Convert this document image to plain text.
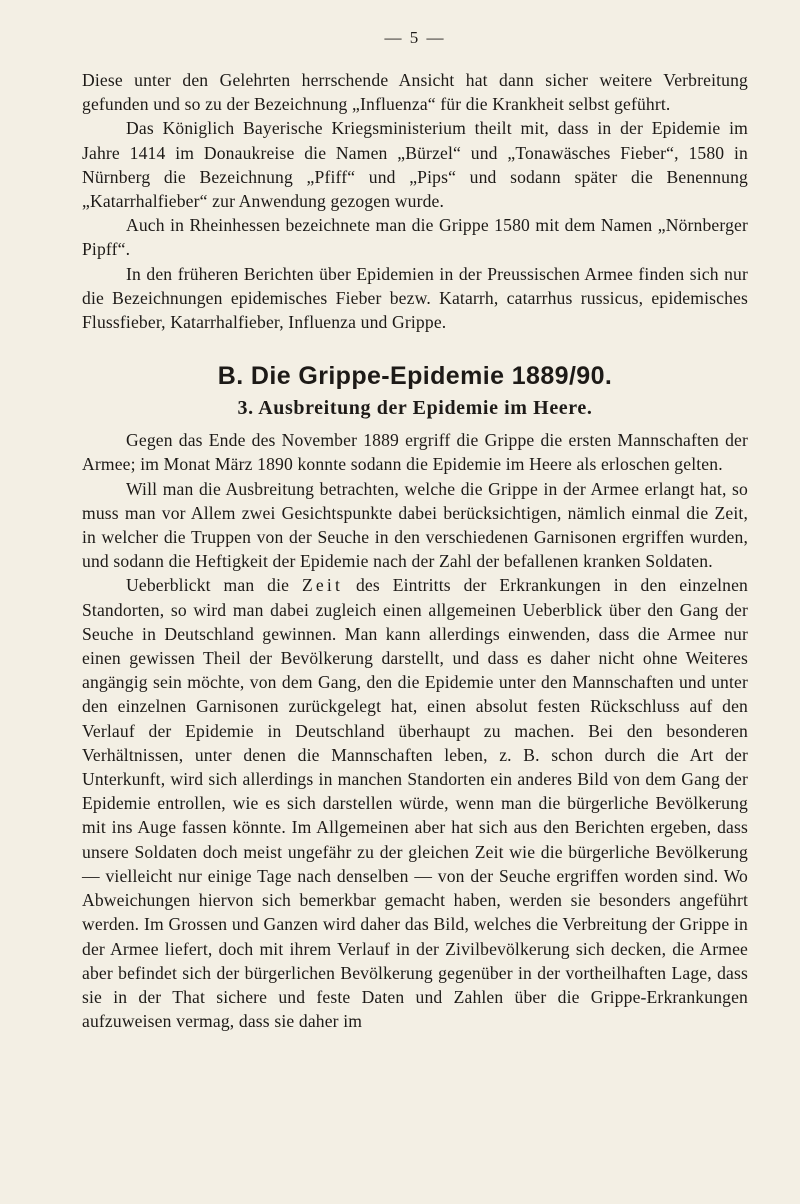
— 5 —

Diese unter den Gelehrten herrschende Ansicht hat dann sicher weitere Verbreitung gefunden und so zu der Bezeichnung „Influenza“ für die Krankheit selbst geführt.

Das Königlich Bayerische Kriegsministerium theilt mit, dass in der Epidemie im Jahre 1414 im Donaukreise die Namen „Bürzel“ und „Tonawäsches Fieber“, 1580 in Nürnberg die Bezeichnung „Pfiff“ und „Pips“ und sodann später die Benennung „Katarrhalfieber“ zur Anwendung gezogen wurde.

Auch in Rheinhessen bezeichnete man die Grippe 1580 mit dem Namen „Nörnberger Pipff“.

In den früheren Berichten über Epidemien in der Preussischen Armee finden sich nur die Bezeichnungen epidemisches Fieber bezw. Katarrh, catarrhus russicus, epidemisches Flussfieber, Katarrhalfieber, Influenza und Grippe.

B. Die Grippe-Epidemie 1889/90.
3. Ausbreitung der Epidemie im Heere.

Gegen das Ende des November 1889 ergriff die Grippe die ersten Mannschaften der Armee; im Monat März 1890 konnte sodann die Epidemie im Heere als erloschen gelten.

Will man die Ausbreitung betrachten, welche die Grippe in der Armee erlangt hat, so muss man vor Allem zwei Gesichtspunkte dabei berücksichtigen, nämlich einmal die Zeit, in welcher die Truppen von der Seuche in den verschiedenen Garnisonen ergriffen wurden, und sodann die Heftigkeit der Epidemie nach der Zahl der befallenen kranken Soldaten.

Ueberblickt man die Zeit des Eintritts der Erkrankungen in den einzelnen Standorten, so wird man dabei zugleich einen allgemeinen Ueberblick über den Gang der Seuche in Deutschland gewinnen. Man kann allerdings einwenden, dass die Armee nur einen gewissen Theil der Bevölkerung darstellt, und dass es daher nicht ohne Weiteres angängig sein möchte, von dem Gang, den die Epidemie unter den Mannschaften und unter den einzelnen Garnisonen zurückgelegt hat, einen absolut festen Rückschluss auf den Verlauf der Epidemie in Deutschland überhaupt zu machen. Bei den besonderen Verhältnissen, unter denen die Mannschaften leben, z. B. schon durch die Art der Unterkunft, wird sich allerdings in manchen Standorten ein anderes Bild von dem Gang der Epidemie entrollen, wie es sich darstellen würde, wenn man die bürgerliche Bevölkerung mit ins Auge fassen könnte. Im Allgemeinen aber hat sich aus den Berichten ergeben, dass unsere Soldaten doch meist ungefähr zu der gleichen Zeit wie die bürgerliche Bevölkerung — vielleicht nur einige Tage nach denselben — von der Seuche ergriffen worden sind. Wo Abweichungen hiervon sich bemerkbar gemacht haben, werden sie besonders angeführt werden. Im Grossen und Ganzen wird daher das Bild, welches die Verbreitung der Grippe in der Armee liefert, doch mit ihrem Verlauf in der Zivilbevölkerung sich decken, die Armee aber befindet sich der bürgerlichen Bevölkerung gegenüber in der vortheilhaften Lage, dass sie in der That sichere und feste Daten und Zahlen über die Grippe-Erkrankungen aufzuweisen vermag, dass sie daher im
